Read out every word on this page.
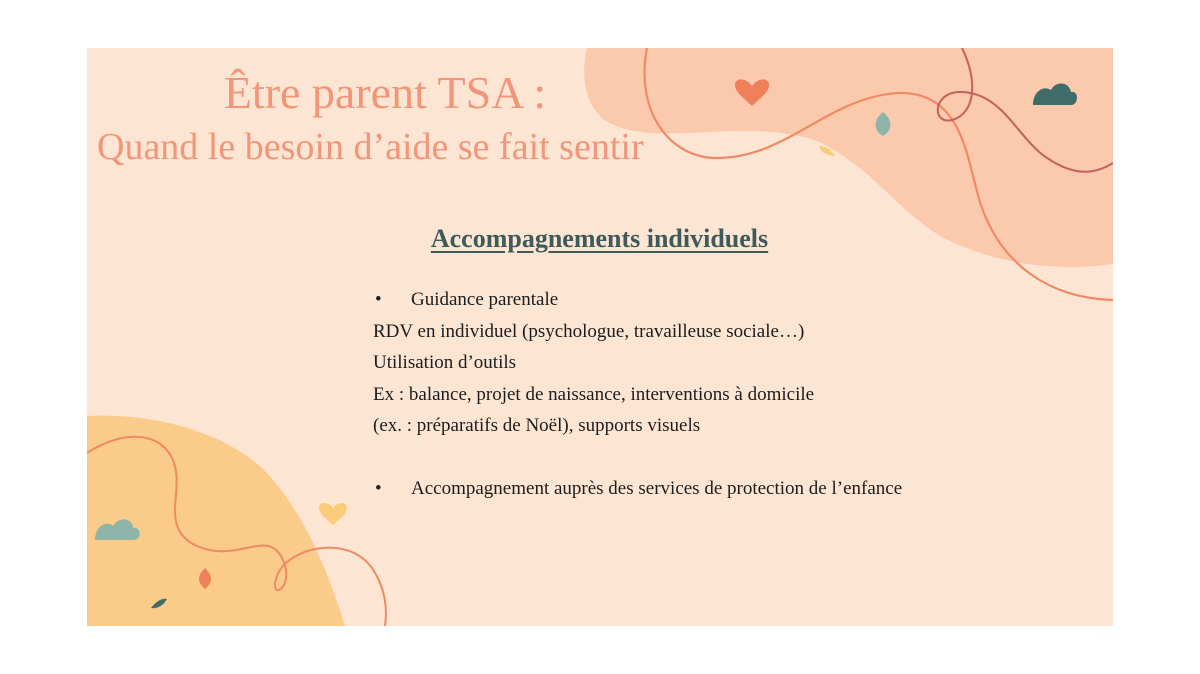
Être parent TSA :
Quand le besoin d’aide se fait sentir
Accompagnements individuels
•	Guidance parentale
RDV en individuel (psychologue, travailleuse sociale…)
Utilisation d’outils
Ex : balance, projet de naissance, interventions à domicile
(ex. : préparatifs de Noël), supports visuels
•	Accompagnement auprès des services de protection de l’enfance
